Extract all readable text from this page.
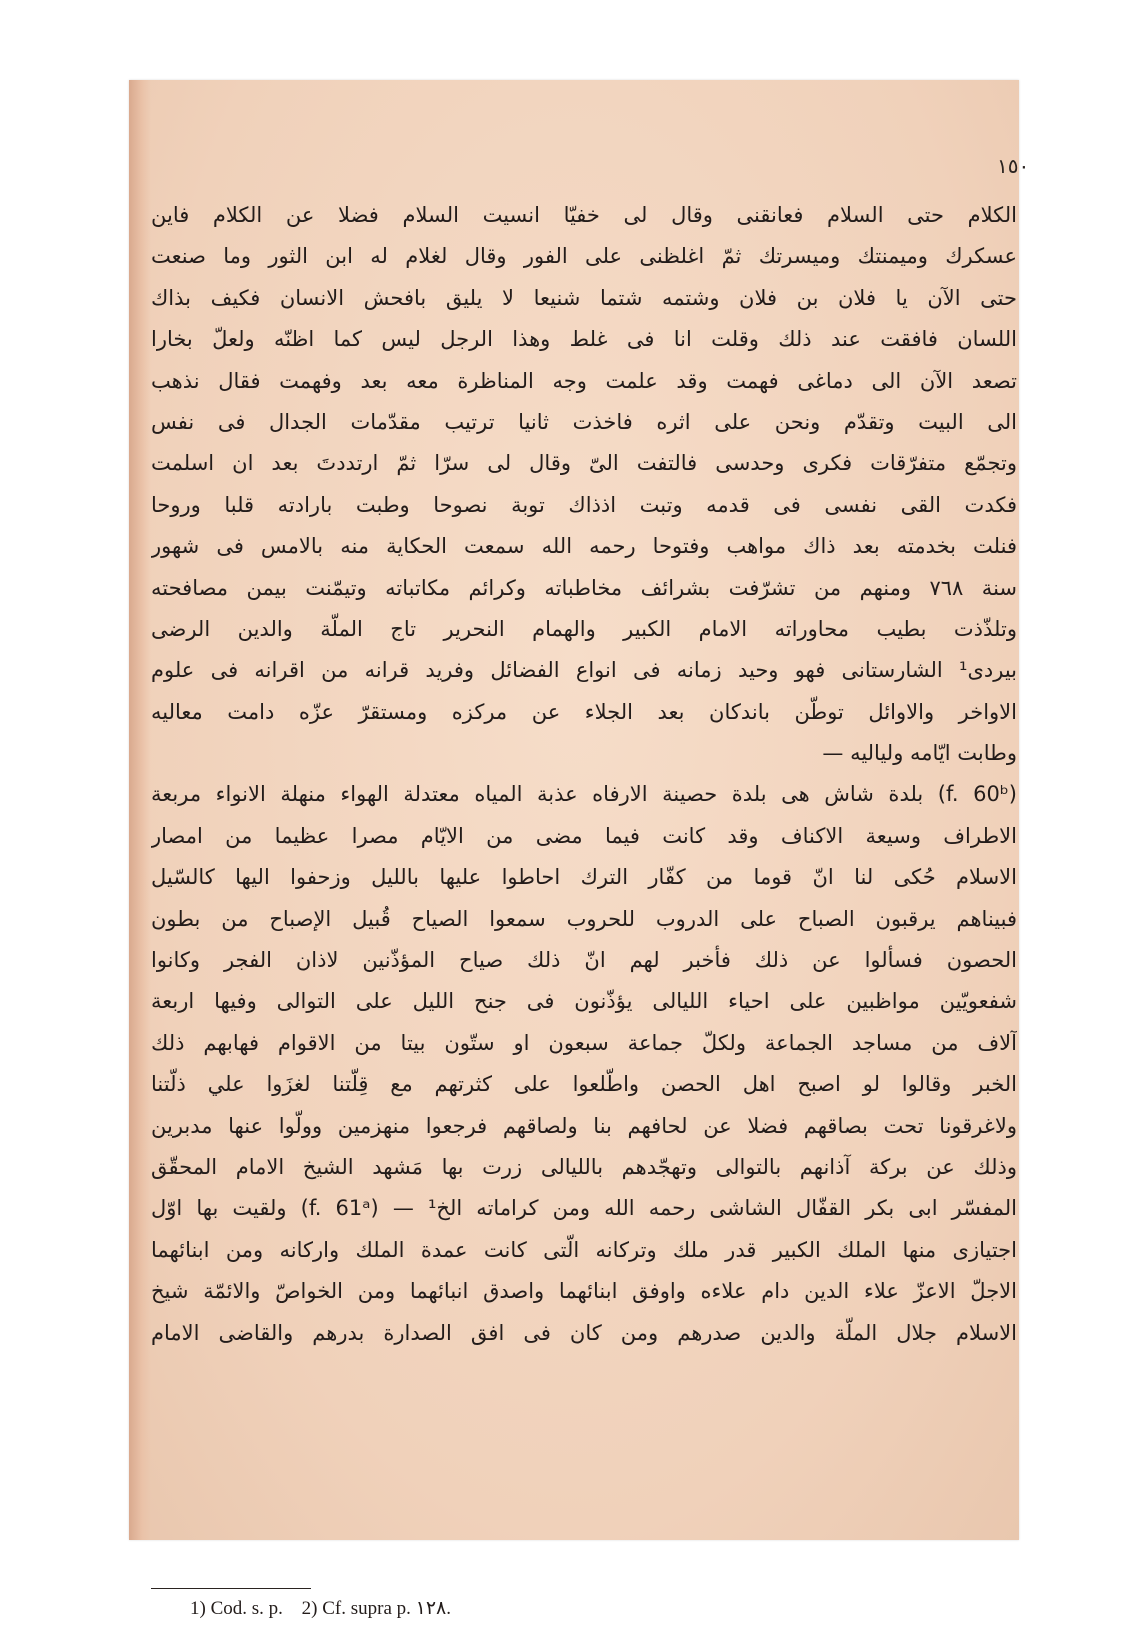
١٥٠
الكلام حتى السلام فعانقنى وقال لى خفيّا انسيت السلام فضلا عن الكلام فاين
عسكرك وميمنتك وميسرتك ثمّ اغلظنى على الفور وقال لغلام له ابن الثور وما صنعت
حتى الآن يا فلان بن فلان وشتمه شتما شنيعا لا يليق بافحش الانسان فكيف بذاك
اللسان فافقت عند ذلك وقلت انا فى غلط وهذا الرجل ليس كما اظنّه ولعلّ بخارا
تصعد الآن الى دماغى فهمت وقد علمت وجه المناظرة معه بعد وفهمت فقال نذهب
الى البيت وتقدّم ونحن على اثره فاخذت ثانيا ترتيب مقدّمات الجدال فى نفس
وتجمّع متفرّقات فكرى وحدسى فالتفت الىّ وقال لى سرّا ثمّ ارتددتَ بعد ان اسلمت
فكدت القى نفسى فى قدمه وتبت اذذاك توبة نصوحا وطبت بارادته قلبا وروحا
فنلت بخدمته بعد ذاك مواهب وفتوحا رحمه الله سمعت الحكاية منه بالامس فى شهور
سنة ٧٦٨ ومنهم من تشرّفت بشرائف مخاطباته وكرائم مكاتباته وتيمّنت بيمن مصافحته
وتلذّذت بطيب محاوراته الامام الكبير والهمام النحرير تاج الملّة والدين الرضى
بيردى¹ الشارستانى فهو وحيد زمانه فى انواع الفضائل وفريد قرانه من اقرانه فى علوم
الاواخر والاوائل توطّن باندكان بعد الجلاء عن مركزه ومستقرّ عزّه دامت معاليه
وطابت ايّامه ولياليه —
(f. 60ᵇ) بلدة شاش هى بلدة حصينة الارفاه عذبة المياه معتدلة الهواء منهلة الانواء مربعة
الاطراف وسيعة الاكناف وقد كانت فيما مضى من الايّام مصرا عظيما من امصار
الاسلام حُكى لنا انّ قوما من كفّار الترك احاطوا عليها بالليل وزحفوا اليها كالسّيل
فبيناهم يرقبون الصباح على الدروب للحروب سمعوا الصياح قُبيل الإصباح من بطون
الحصون فسألوا عن ذلك فأخبر لهم انّ ذلك صياح المؤذّنين لاذان الفجر وكانوا
شفعويّين مواظبين على احياء الليالى يؤذّنون فى جنح الليل على التوالى وفيها اربعة
آلاف من مساجد الجماعة ولكلّ جماعة سبعون او ستّون بيتا من الاقوام فهابهم ذلك
الخبر وقالوا لو اصبح اهل الحصن واطّلعوا على كثرتهم مع قِلّتنا لغزَوا علي ذلّتنا
ولاغرقونا تحت بصاقهم فضلا عن لحافهم بنا ولصاقهم فرجعوا منهزمين وولّوا عنها مدبرين
وذلك عن بركة آذانهم بالتوالى وتهجّدهم بالليالى زرت بها مَشهد الشيخ الامام المحقّق
المفسّر ابى بكر القفّال الشاشى رحمه الله ومن كراماته الخ¹ — (f. 61ᵃ) ولقيت بها اوّل
اجتيازى منها الملك الكبير قدر ملك وتركانه الّتى كانت عمدة الملك واركانه ومن ابنائهما
الاجلّ الاعزّ علاء الدين دام علاءه واوفق ابنائهما واصدق انبائهما ومن الخواصّ والائمّة شيخ
الاسلام جلال الملّة والدين صدرهم ومن كان فى افق الصدارة بدرهم والقاضى الامام
1) Cod. s. p. 2) Cf. supra p. ١٢٨.
